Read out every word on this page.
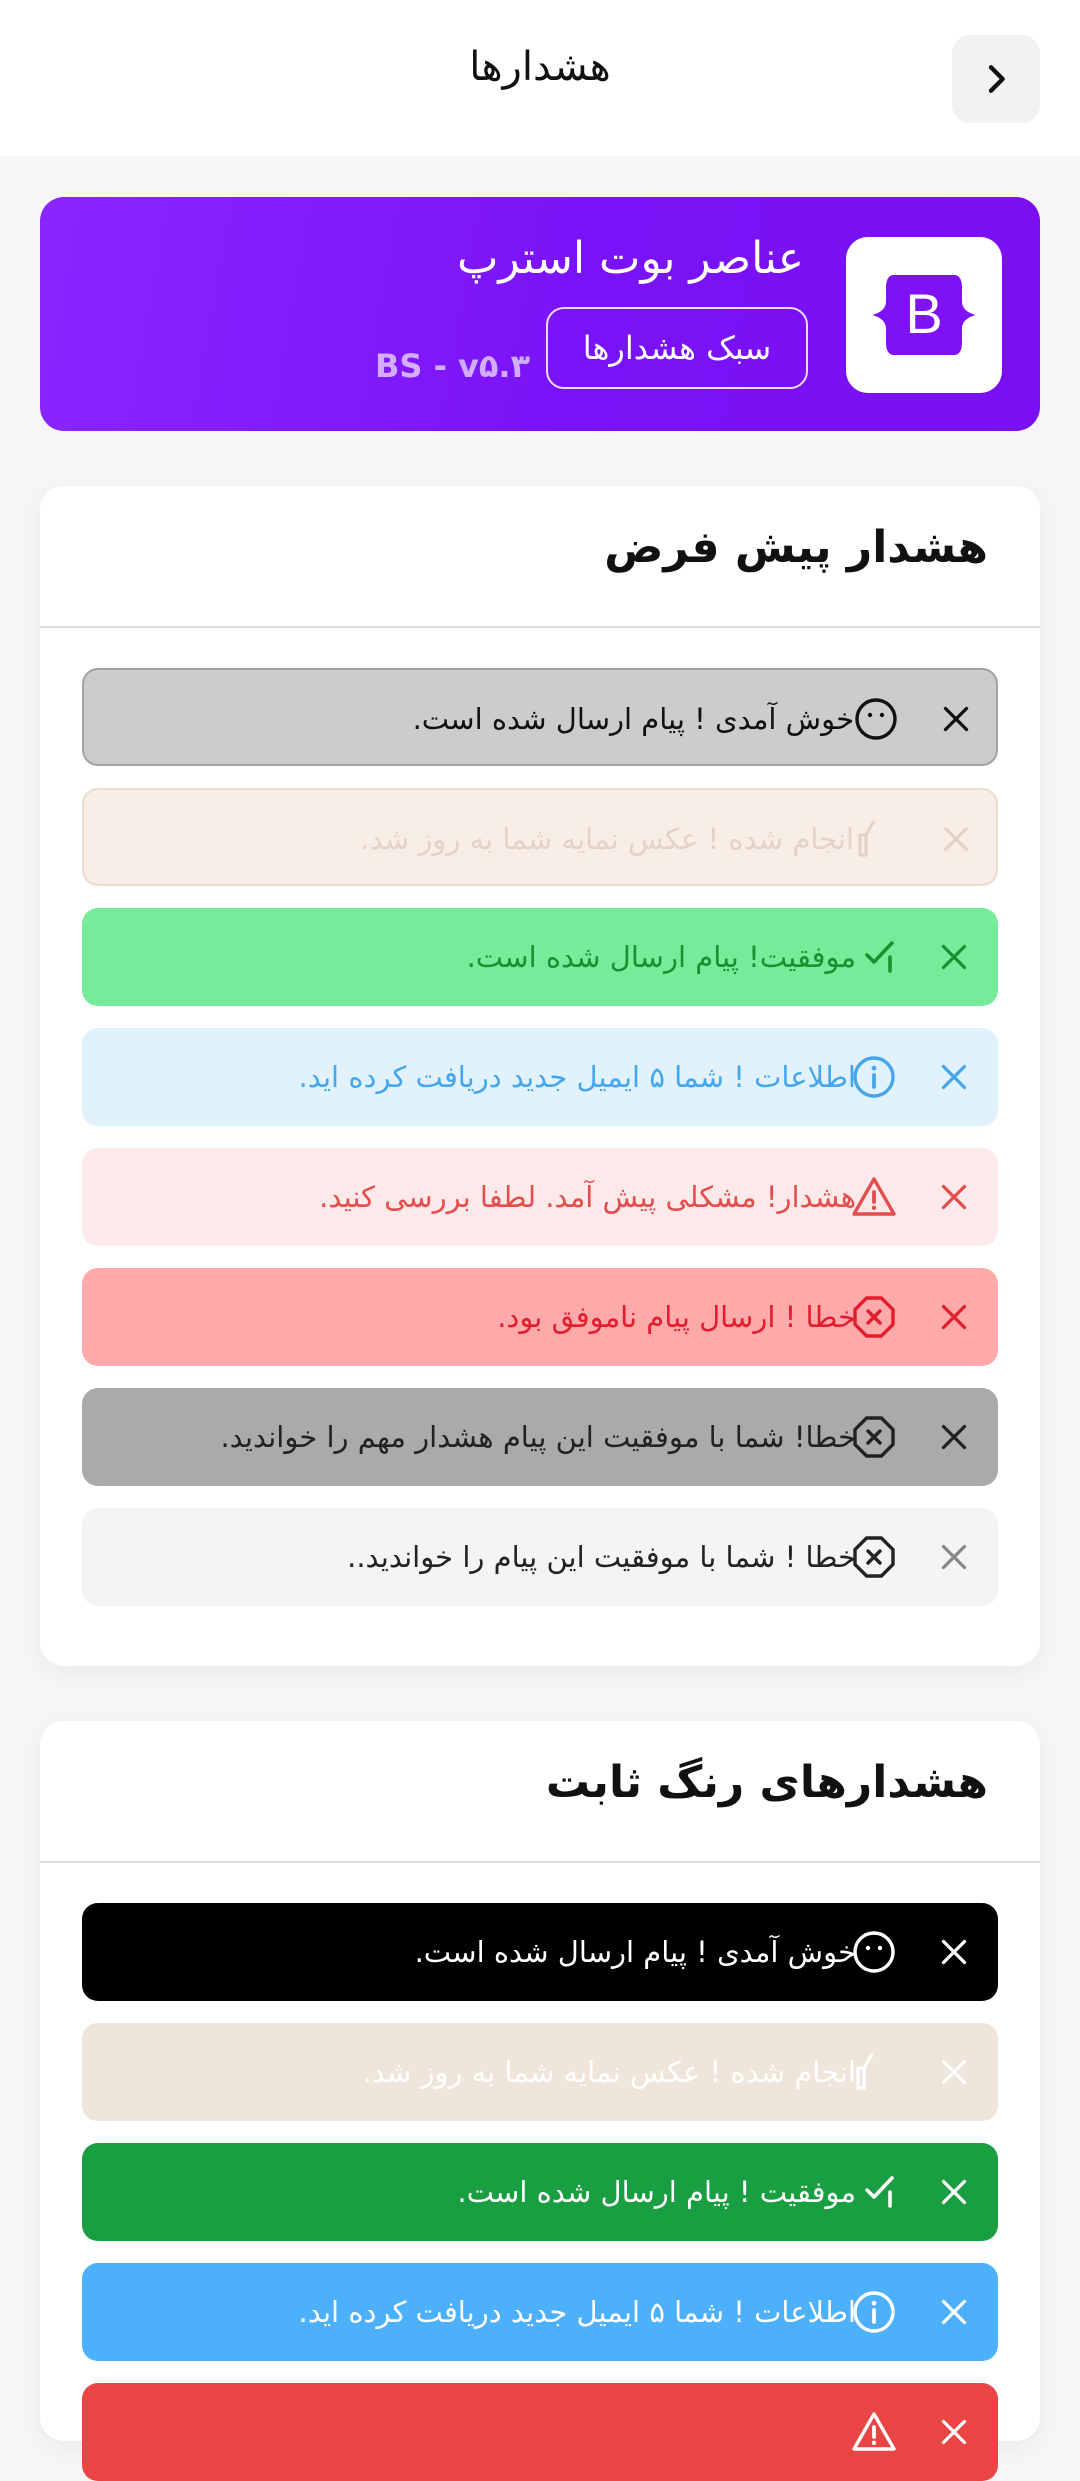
هشدارها
B
عناصر بوت استرپ
سبک هشدارها
BS - v۵.۳
هشدار پیش فرض
خوش آمدی ! پیام ارسال شده است.
انجام شده ! عکس نمایه شما به روز شد.
موفقیت! پیام ارسال شده است.
اطلاعات ! شما ۵ ایمیل جدید دریافت کرده اید.
هشدار! مشکلی پیش آمد. لطفا بررسی کنید.
خطا ! ارسال پیام ناموفق بود.
خطا! شما با موفقیت این پیام هشدار مهم را خواندید.
خطا ! شما با موفقیت این پیام را خواندید..
هشدارهای رنگ ثابت
خوش آمدی ! پیام ارسال شده است.
انجام شده ! عکس نمایه شما به روز شد.
موفقیت ! پیام ارسال شده است.
اطلاعات ! شما ۵ ایمیل جدید دریافت کرده اید.
